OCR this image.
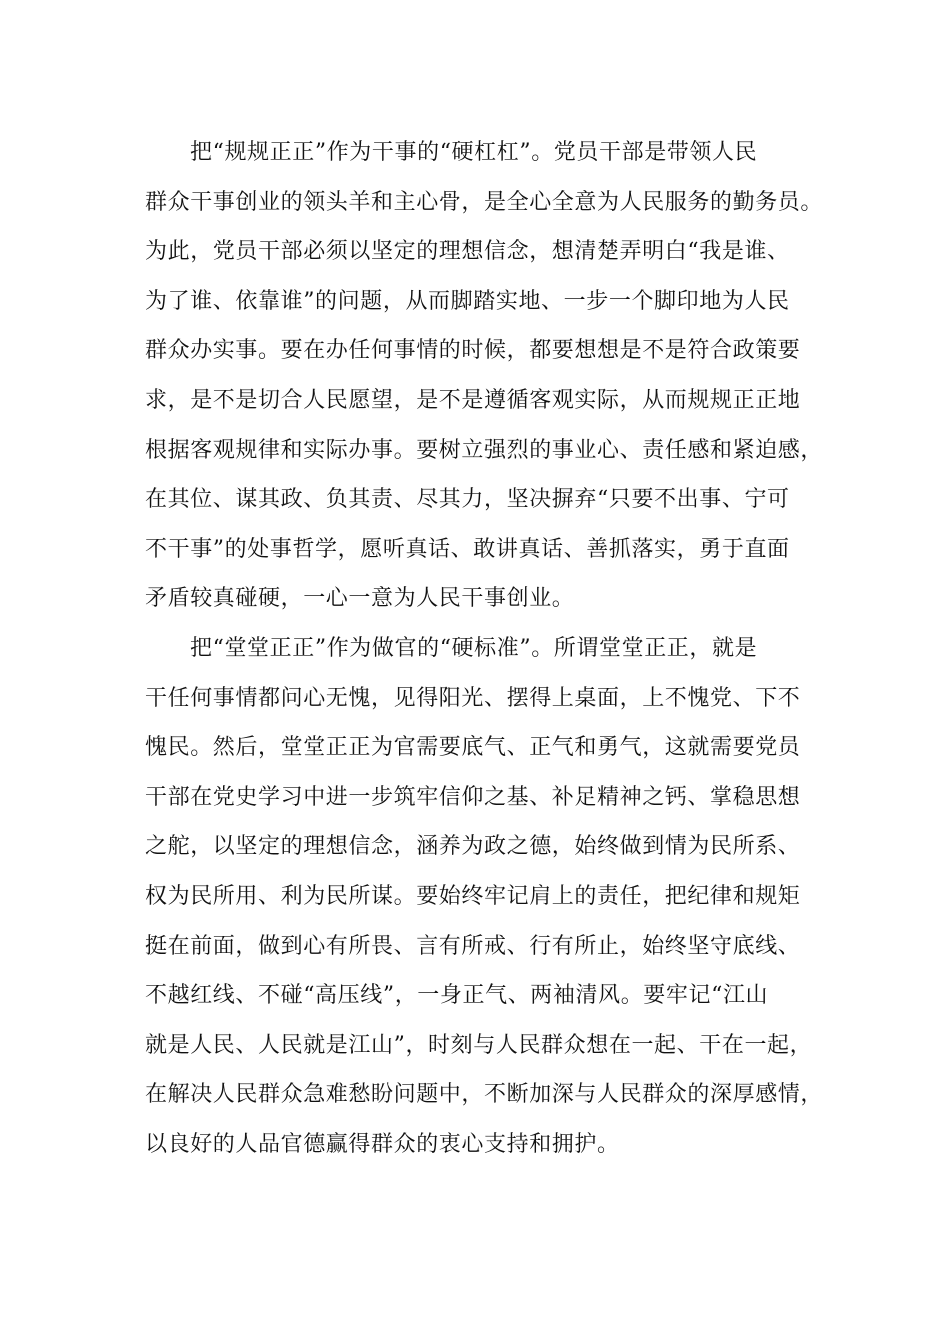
把“规规正正”作为干事的“硬杠杠”。党员干部是带领人民
群众干事创业的领头羊和主心骨，是全心全意为人民服务的勤务员。
为此，党员干部必须以坚定的理想信念，想清楚弄明白“我是谁、
为了谁、依靠谁”的问题，从而脚踏实地、一步一个脚印地为人民
群众办实事。要在办任何事情的时候，都要想想是不是符合政策要
求，是不是切合人民愿望，是不是遵循客观实际，从而规规正正地
根据客观规律和实际办事。要树立强烈的事业心、责任感和紧迫感，
在其位、谋其政、负其责、尽其力，坚决摒弃“只要不出事、宁可
不干事”的处事哲学，愿听真话、敢讲真话、善抓落实，勇于直面
矛盾较真碰硬，一心一意为人民干事创业。
把“堂堂正正”作为做官的“硬标准”。所谓堂堂正正，就是
干任何事情都问心无愧，见得阳光、摆得上桌面，上不愧党、下不
愧民。然后，堂堂正正为官需要底气、正气和勇气，这就需要党员
干部在党史学习中进一步筑牢信仰之基、补足精神之钙、掌稳思想
之舵，以坚定的理想信念，涵养为政之德，始终做到情为民所系、
权为民所用、利为民所谋。要始终牢记肩上的责任，把纪律和规矩
挺在前面，做到心有所畏、言有所戒、行有所止，始终坚守底线、
不越红线、不碰“高压线”，一身正气、两袖清风。要牢记“江山
就是人民、人民就是江山”，时刻与人民群众想在一起、干在一起，
在解决人民群众急难愁盼问题中，不断加深与人民群众的深厚感情，
以良好的人品官德赢得群众的衷心支持和拥护。
